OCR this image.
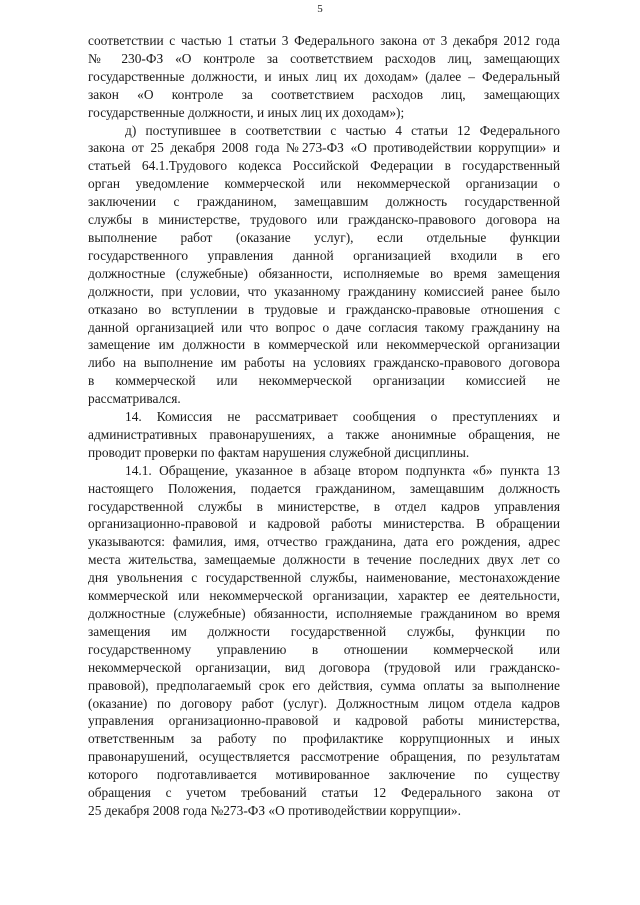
5

соответствии с частью 1 статьи 3 Федерального закона от 3 декабря 2012 года
№ 230-ФЗ «О контроле за соответствием расходов лиц, замещающих
государственные должности, и иных лиц их доходам» (далее – Федеральный
закон «О контроле за соответствием расходов лиц, замещающих
государственные должности, и иных лиц их доходам»);

д) поступившее в соответствии с частью 4 статьи 12 Федерального
закона от 25 декабря 2008 года №273-ФЗ «О противодействии коррупции» и
статьей 64.1.Трудового кодекса Российской Федерации в государственный
орган уведомление коммерческой или некоммерческой организации о
заключении с гражданином, замещавшим должность государственной
службы в министерстве, трудового или гражданско-правового договора на
выполнение работ (оказание услуг), если отдельные функции
государственного управления данной организацией входили в его
должностные (служебные) обязанности, исполняемые во время замещения
должности, при условии, что указанному гражданину комиссией ранее было
отказано во вступлении в трудовые и гражданско-правовые отношения с
данной организацией или что вопрос о даче согласия такому гражданину на
замещение им должности в коммерческой или некоммерческой организации
либо на выполнение им работы на условиях гражданско-правового договора
в коммерческой или некоммерческой организации комиссией не
рассматривался.

14. Комиссия не рассматривает сообщения о преступлениях и
административных правонарушениях, а также анонимные обращения, не
проводит проверки по фактам нарушения служебной дисциплины.

14.1. Обращение, указанное в абзаце втором подпункта «б» пункта 13
настоящего Положения, подается гражданином, замещавшим должность
государственной службы в министерстве, в отдел кадров управления
организационно-правовой и кадровой работы министерства. В обращении
указываются: фамилия, имя, отчество гражданина, дата его рождения, адрес
места жительства, замещаемые должности в течение последних двух лет со
дня увольнения с государственной службы, наименование, местонахождение
коммерческой или некоммерческой организации, характер ее деятельности,
должностные (служебные) обязанности, исполняемые гражданином во время
замещения им должности государственной службы, функции по
государственному управлению в отношении коммерческой или
некоммерческой организации, вид договора (трудовой или гражданско-
правовой), предполагаемый срок его действия, сумма оплаты за выполнение
(оказание) по договору работ (услуг). Должностным лицом отдела кадров
управления организационно-правовой и кадровой работы министерства,
ответственным за работу по профилактике коррупционных и иных
правонарушений, осуществляется рассмотрение обращения, по результатам
которого подготавливается мотивированное заключение по существу
обращения с учетом требований статьи 12 Федерального закона от
25 декабря 2008 года №273-ФЗ «О противодействии коррупции».
